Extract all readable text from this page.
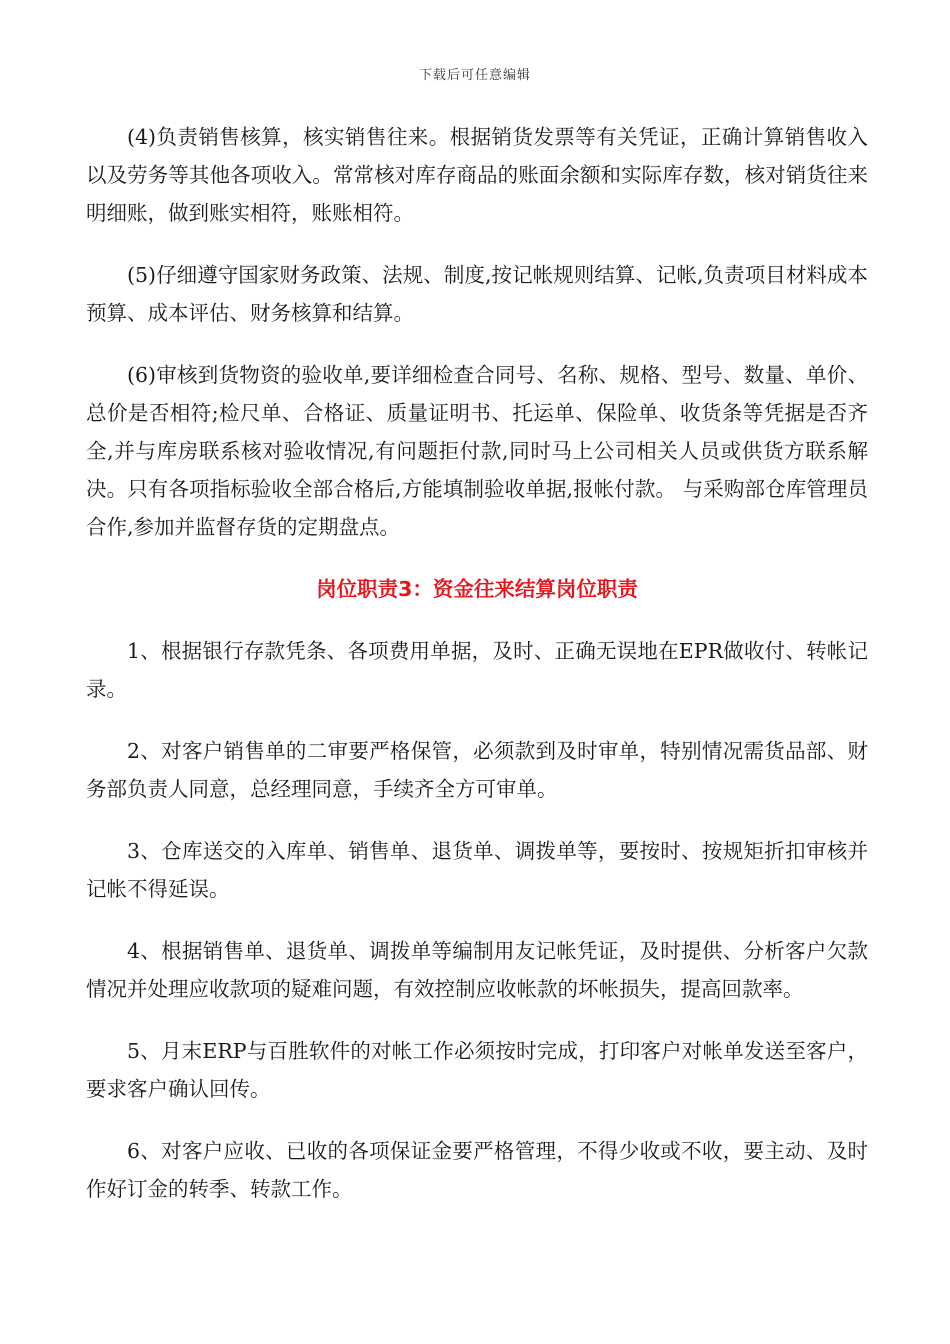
下载后可任意编辑

(4)负责销售核算，核实销售往来。根据销货发票等有关凭证，正确计算销售收入以及劳务等其他各项收入。常常核对库存商品的账面余额和实际库存数，核对销货往来明细账，做到账实相符，账账相符。

(5)仔细遵守国家财务政策、法规、制度,按记帐规则结算、记帐,负责项目材料成本预算、成本评估、财务核算和结算。

(6)审核到货物资的验收单,要详细检查合同号、名称、规格、型号、数量、单价、总价是否相符;检尺单、合格证、质量证明书、托运单、保险单、收货条等凭据是否齐全,并与库房联系核对验收情况,有问题拒付款,同时马上公司相关人员或供货方联系解决。只有各项指标验收全部合格后,方能填制验收单据,报帐付款。 与采购部仓库管理员合作,参加并监督存货的定期盘点。

岗位职责3：资金往来结算岗位职责

1、根据银行存款凭条、各项费用单据，及时、正确无误地在EPR做收付、转帐记录。

2、对客户销售单的二审要严格保管，必须款到及时审单，特别情况需货品部、财务部负责人同意，总经理同意，手续齐全方可审单。

3、仓库送交的入库单、销售单、退货单、调拨单等，要按时、按规矩折扣审核并记帐不得延误。

4、根据销售单、退货单、调拨单等编制用友记帐凭证，及时提供、分析客户欠款情况并处理应收款项的疑难问题，有效控制应收帐款的坏帐损失，提高回款率。

5、月末ERP与百胜软件的对帐工作必须按时完成，打印客户对帐单发送至客户，要求客户确认回传。

6、对客户应收、已收的各项保证金要严格管理，不得少收或不收，要主动、及时作好订金的转季、转款工作。
